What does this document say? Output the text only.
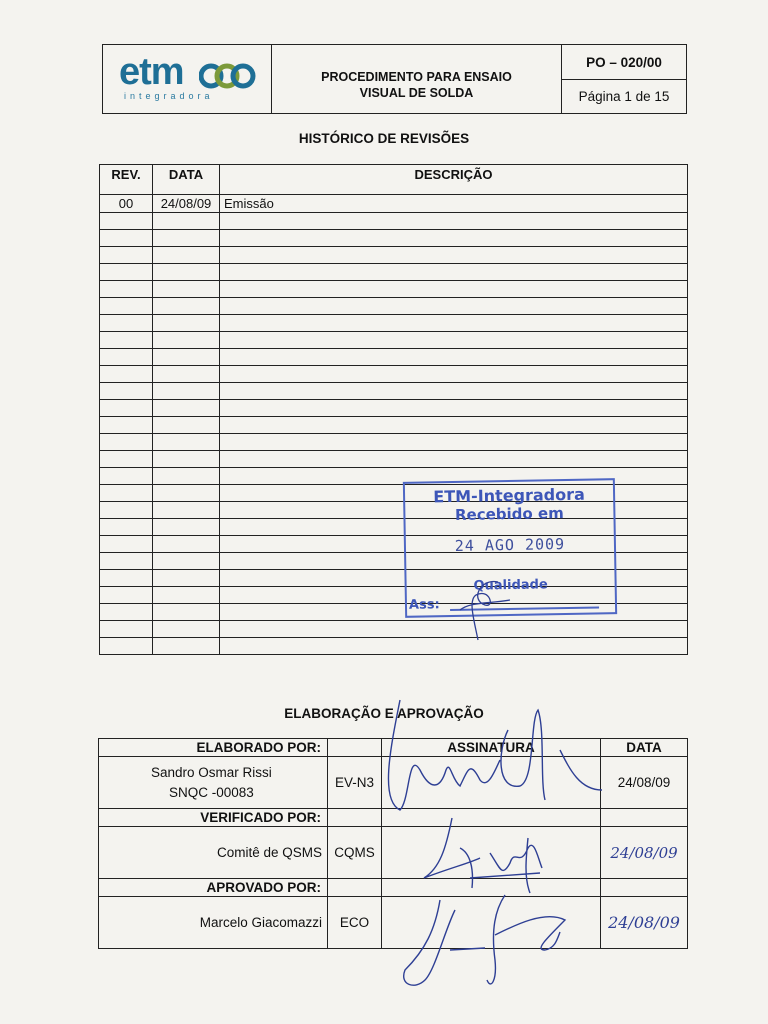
etm
integradora
PROCEDIMENTO PARA ENSAIO
VISUAL DE SOLDA
PO – 020/00
Página 1 de 15
HISTÓRICO DE REVISÕES
REV.	DATA	DESCRIÇÃO
00	24/08/09	Emissão

ETM-Integradora
Recebido em
24 AGO 2009
Qualidade
Ass:
ELABORAÇÃO E APROVAÇÃO
ELABORADO POR:		ASSINATURA	DATA

Sandro Osmar Rissi
SNQC -00083	EV-N3		24/08/09
VERIFICADO POR:			
Comitê de QSMS	CQMS		24/08/09
APROVADO POR:			
Marcelo Giacomazzi	ECO		24/08/09
